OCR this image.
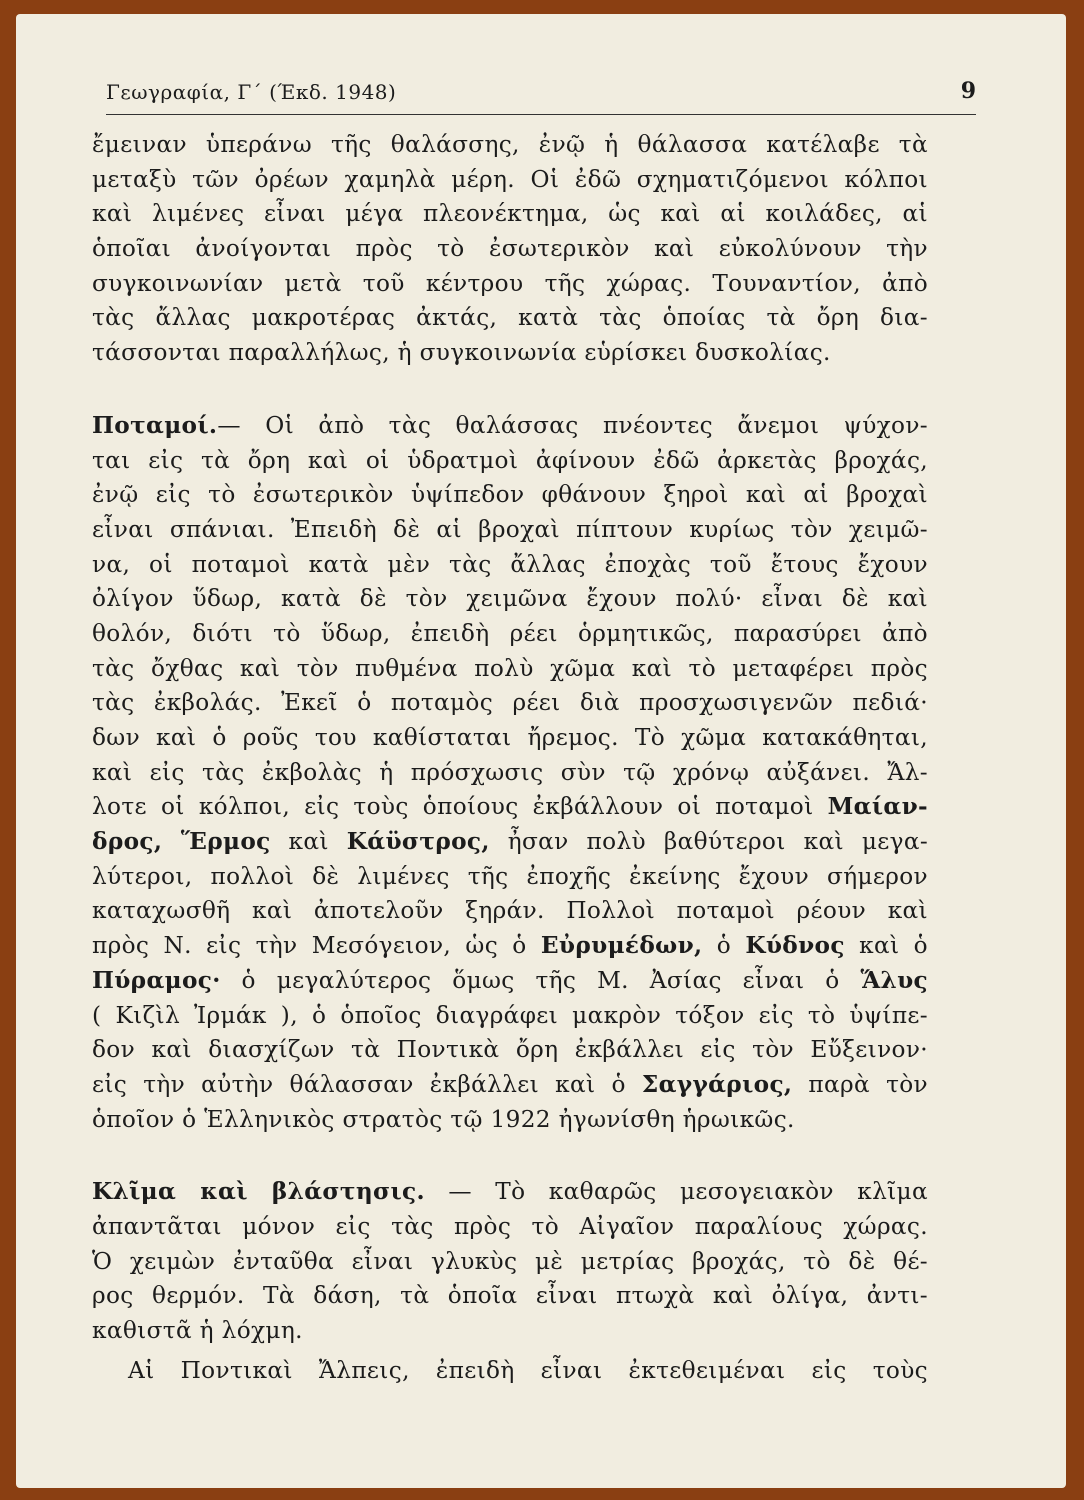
Γεωγραφία, Γ΄ (Έκδ. 1948)	9
ἔμειναν ὑπεράνω τῆς θαλάσσης, ἐνῷ ἡ θάλασσα κατέλαβε τὰ
μεταξὺ τῶν ὀρέων χαμηλὰ μέρη. Οἱ ἐδῶ σχηματιζόμενοι κόλποι
καὶ λιμένες εἶναι μέγα πλεονέκτημα, ὡς καὶ αἱ κοιλάδες, αἱ
ὁποῖαι ἀνοίγονται πρὸς τὸ ἐσωτερικὸν καὶ εὐκολύνουν τὴν
συγκοινωνίαν μετὰ τοῦ κέντρου τῆς χώρας. Τουναντίον, ἀπὸ
τὰς ἄλλας μακροτέρας ἀκτάς, κατὰ τὰς ὁποίας τὰ ὄρη δια-
τάσσονται παραλλήλως, ἡ συγκοινωνία εὑρίσκει δυσκολίας.
Ποταμοί.— Οἱ ἀπὸ τὰς θαλάσσας πνέοντες ἄνεμοι ψύχον-
ται εἰς τὰ ὄρη καὶ οἱ ὑδρατμοὶ ἀφίνουν ἐδῶ ἀρκετὰς βροχάς,
ἐνῷ εἰς τὸ ἐσωτερικὸν ὑψίπεδον φθάνουν ξηροὶ καὶ αἱ βροχαὶ
εἶναι σπάνιαι. Ἐπειδὴ δὲ αἱ βροχαὶ πίπτουν κυρίως τὸν χειμῶ-
να, οἱ ποταμοὶ κατὰ μὲν τὰς ἄλλας ἐποχὰς τοῦ ἔτους ἔχουν
ὀλίγον ὕδωρ, κατὰ δὲ τὸν χειμῶνα ἔχουν πολύ· εἶναι δὲ καὶ
θολόν, διότι τὸ ὕδωρ, ἐπειδὴ ρέει ὁρμητικῶς, παρασύρει ἀπὸ
τὰς ὄχθας καὶ τὸν πυθμένα πολὺ χῶμα καὶ τὸ μεταφέρει πρὸς
τὰς ἐκβολάς. Ἐκεῖ ὁ ποταμὸς ρέει διὰ προσχωσιγενῶν πεδιά·
δων καὶ ὁ ροῦς του καθίσταται ἤρεμος. Τὸ χῶμα κατακάθηται,
καὶ εἰς τὰς ἐκβολὰς ἡ πρόσχωσις σὺν τῷ χρόνῳ αὐξάνει. Ἄλ-
λοτε οἱ κόλποι, εἰς τοὺς ὁποίους ἐκβάλλουν οἱ ποταμοὶ Μαίαν-
δρος, Ἕρμος καὶ Κάϋστρος, ἦσαν πολὺ βαθύτεροι καὶ μεγα-
λύτεροι, πολλοὶ δὲ λιμένες τῆς ἐποχῆς ἐκείνης ἔχουν σήμερον
καταχωσθῆ καὶ ἀποτελοῦν ξηράν. Πολλοὶ ποταμοὶ ρέουν καὶ
πρὸς Ν. εἰς τὴν Μεσόγειον, ὡς ὁ Εὐρυμέδων, ὁ Κύδνος καὶ ὁ
Πύραμος· ὁ μεγαλύτερος ὅμως τῆς Μ. Ἀσίας εἶναι ὁ Ἅλυς
( Κιζὶλ Ἰρμάκ ), ὁ ὁποῖος διαγράφει μακρὸν τόξον εἰς τὸ ὑψίπε-
δον καὶ διασχίζων τὰ Ποντικὰ ὄρη ἐκβάλλει εἰς τὸν Εὔξεινον·
εἰς τὴν αὐτὴν θάλασσαν ἐκβάλλει καὶ ὁ Σαγγάριος, παρὰ τὸν
ὁποῖον ὁ Ἑλληνικὸς στρατὸς τῷ 1922 ἠγωνίσθη ἡρωικῶς.
Κλῖμα καὶ βλάστησις. — Τὸ καθαρῶς μεσογειακὸν κλῖμα
ἀπαντᾶται μόνον εἰς τὰς πρὸς τὸ Αἰγαῖον παραλίους χώρας.
Ὁ χειμὼν ἐνταῦθα εἶναι γλυκὺς μὲ μετρίας βροχάς, τὸ δὲ θέ-
ρος θερμόν. Τὰ δάση, τὰ ὁποῖα εἶναι πτωχὰ καὶ ὀλίγα, ἀντι-
καθιστᾶ ἡ λόχμη.
Αἱ Ποντικαὶ Ἄλπεις, ἐπειδὴ εἶναι ἐκτεθειμέναι εἰς τοὺς
